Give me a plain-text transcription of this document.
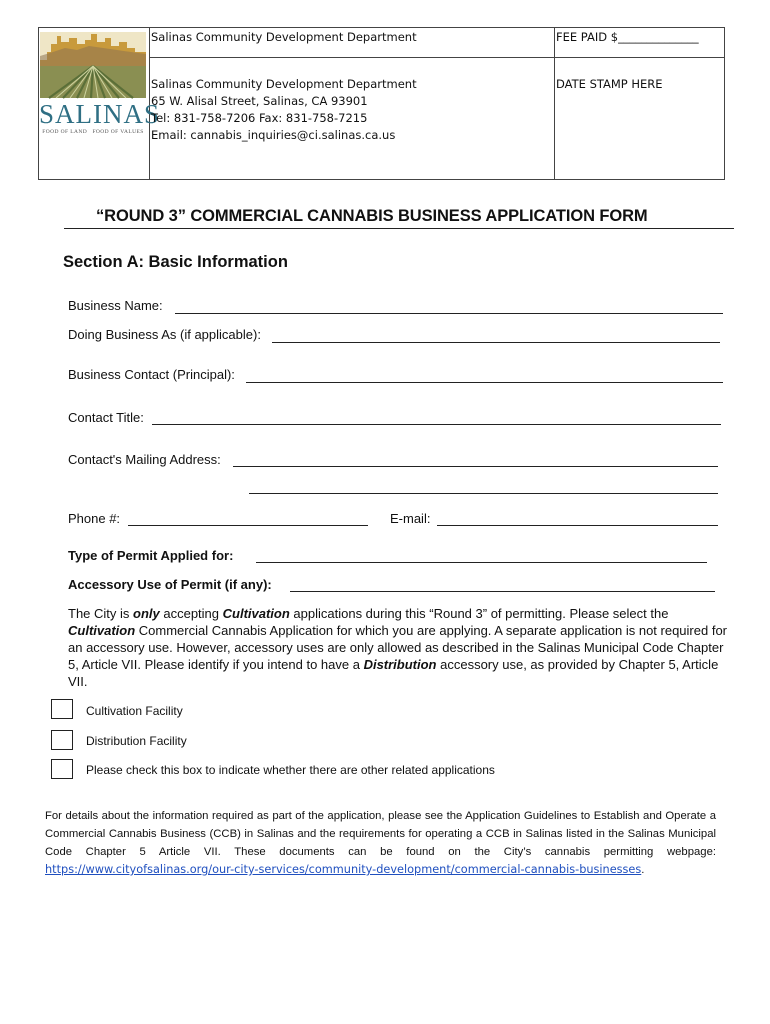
SALINAS
FOOD OF LAND   FOOD OF VALUES
Salinas Community Development Department	FEE PAID $______________
Salinas Community Development Department
65 W. Alisal Street, Salinas, CA 93901
Tel: 831-758-7206 Fax: 831-758-7215
Email: cannabis_inquiries@ci.salinas.ca.us
DATE STAMP HERE
“ROUND 3” COMMERCIAL CANNABIS BUSINESS APPLICATION FORM
Section A: Basic Information
Business Name:
Doing Business As (if applicable):
Business Contact (Principal):
Contact Title:
Contact's Mailing Address:
Phone #:	E-mail:
Type of Permit Applied for:
Accessory Use of Permit (if any):
The City is only accepting Cultivation applications during this “Round 3” of permitting. Please select the Cultivation Commercial Cannabis Application for which you are applying. A separate application is not required for an accessory use. However, accessory uses are only allowed as described in the Salinas Municipal Code Chapter 5, Article VII. Please identify if you intend to have a Distribution accessory use, as provided by Chapter 5, Article VII.
Cultivation Facility
Distribution Facility
Please check this box to indicate whether there are other related applications
For details about the information required as part of the application, please see the Application Guidelines to Establish and Operate a Commercial Cannabis Business (CCB) in Salinas and the requirements for operating a CCB in Salinas listed in the Salinas Municipal Code Chapter 5 Article VII. These documents can be found on the City’s cannabis permitting webpage: https://www.cityofsalinas.org/our-city-services/community-development/commercial-cannabis-businesses.
